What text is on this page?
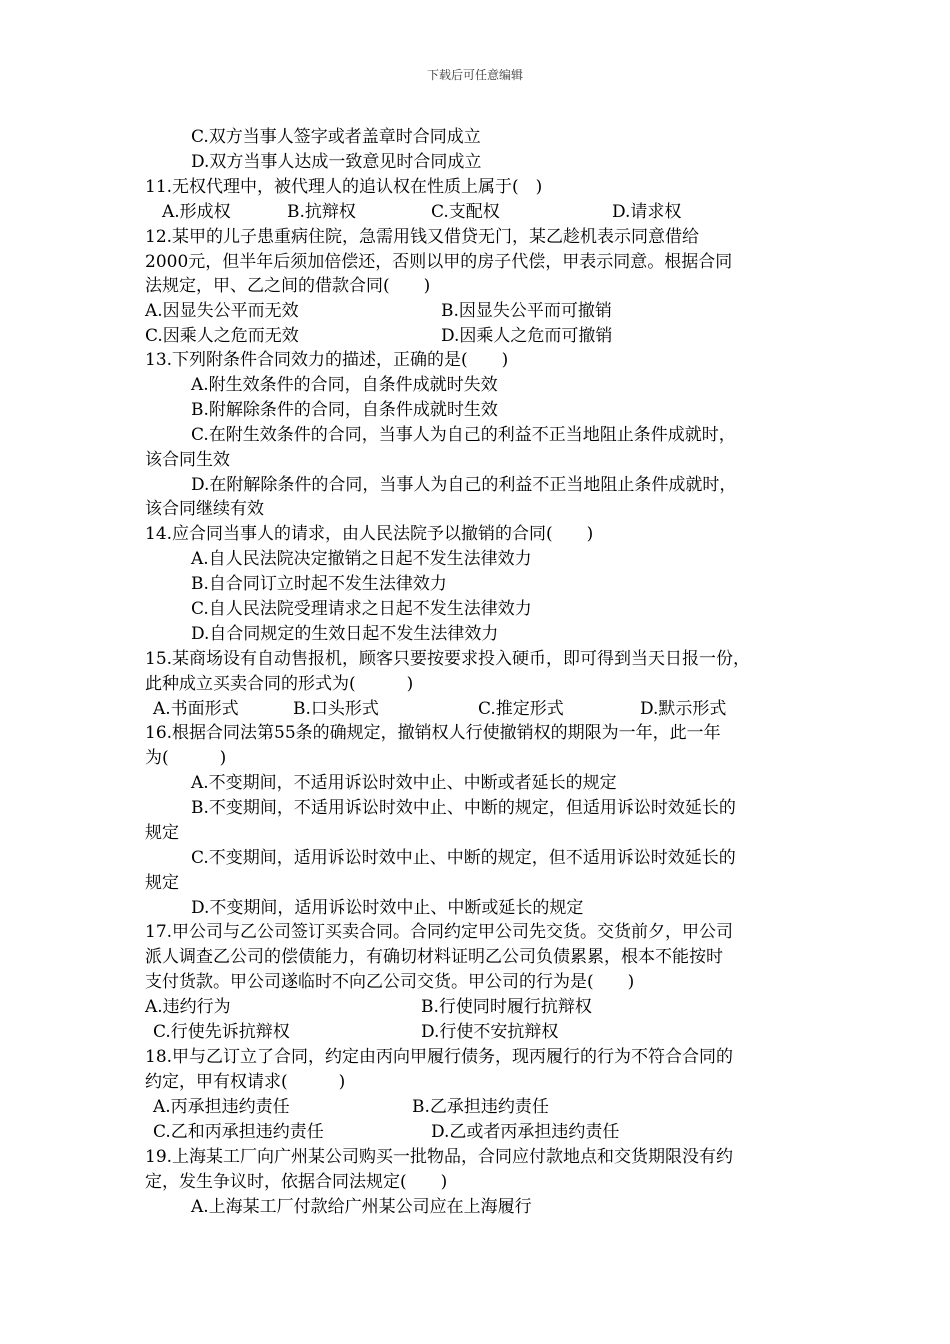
下载后可任意编辑
C.双方当事人签字或者盖章时合同成立
D.双方当事人达成一致意见时合同成立
11.无权代理中，被代理人的追认权在性质上属于(　)
A.形成权	B.抗辩权	C.支配权	D.请求权
12.某甲的儿子患重病住院，急需用钱又借贷无门，某乙趁机表示同意借给
2000元，但半年后须加倍偿还，否则以甲的房子代偿，甲表示同意。根据合同
法规定，甲、乙之间的借款合同(　　)
A.因显失公平而无效	B.因显失公平而可撤销
C.因乘人之危而无效	D.因乘人之危而可撤销
13.下列附条件合同效力的描述，正确的是(　　)
A.附生效条件的合同，自条件成就时失效
B.附解除条件的合同，自条件成就时生效
C.在附生效条件的合同，当事人为自己的利益不正当地阻止条件成就时，
该合同生效
D.在附解除条件的合同，当事人为自己的利益不正当地阻止条件成就时，
该合同继续有效
14.应合同当事人的请求，由人民法院予以撤销的合同(　　)
A.自人民法院决定撤销之日起不发生法律效力
B.自合同订立时起不发生法律效力
C.自人民法院受理请求之日起不发生法律效力
D.自合同规定的生效日起不发生法律效力
15.某商场设有自动售报机，顾客只要按要求投入硬币，即可得到当天日报一份，
此种成立买卖合同的形式为(　　　)
A.书面形式	B.口头形式	C.推定形式	D.默示形式
16.根据合同法第55条的确规定，撤销权人行使撤销权的期限为一年，此一年
为(　　　)
A.不变期间，不适用诉讼时效中止、中断或者延长的规定
B.不变期间，不适用诉讼时效中止、中断的规定，但适用诉讼时效延长的
规定
C.不变期间，适用诉讼时效中止、中断的规定，但不适用诉讼时效延长的
规定
D.不变期间，适用诉讼时效中止、中断或延长的规定
17.甲公司与乙公司签订买卖合同。合同约定甲公司先交货。交货前夕，甲公司
派人调查乙公司的偿债能力，有确切材料证明乙公司负债累累，根本不能按时
支付货款。甲公司遂临时不向乙公司交货。甲公司的行为是(　　)
A.违约行为	B.行使同时履行抗辩权
C.行使先诉抗辩权	D.行使不安抗辩权
18.甲与乙订立了合同，约定由丙向甲履行债务，现丙履行的行为不符合合同的
约定，甲有权请求(　　　)
A.丙承担违约责任	B.乙承担违约责任
C.乙和丙承担违约责任	D.乙或者丙承担违约责任
19.上海某工厂向广州某公司购买一批物品，合同应付款地点和交货期限没有约
定，发生争议时，依据合同法规定(　　)
A.上海某工厂付款给广州某公司应在上海履行
